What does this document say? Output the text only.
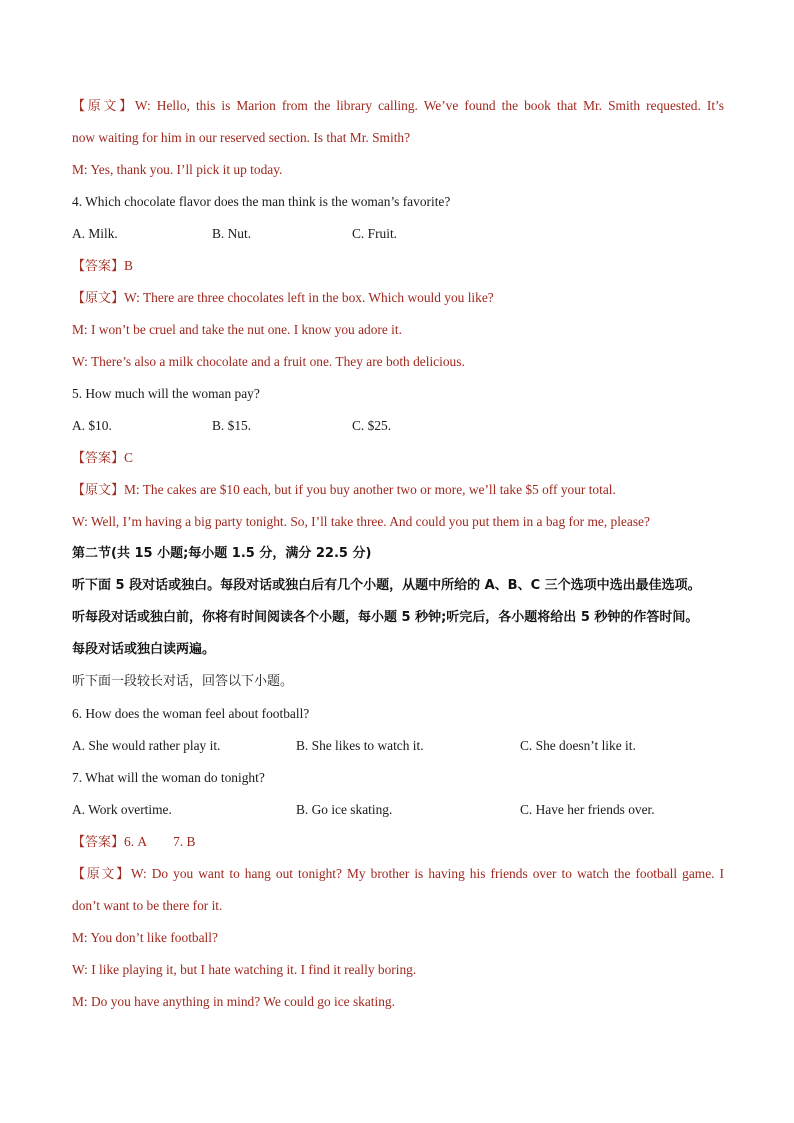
【原文】W: Hello, this is Marion from the library calling. We’ve found the book that Mr. Smith requested. It’s

now waiting for him in our reserved section. Is that Mr. Smith?

M: Yes, thank you. I’ll pick it up today.

4. Which chocolate flavor does the man think is the woman’s favorite?

A. Milk.	B. Nut.	C. Fruit.

【答案】B

【原文】W: There are three chocolates left in the box. Which would you like?

M: I won’t be cruel and take the nut one. I know you adore it.

W: There’s also a milk chocolate and a fruit one. They are both delicious.

5. How much will the woman pay?

A. $10.	B. $15.	C. $25.

【答案】C

【原文】M: The cakes are $10 each, but if you buy another two or more, we’ll take $5 off your total.

W: Well, I’m having a big party tonight. So, I’ll take three. And could you put them in a bag for me, please?

第二节(共 15 小题;每小题 1.5 分，满分 22.5 分)

听下面 5 段对话或独白。每段对话或独白后有几个小题，从题中所给的 A、B、C 三个选项中选出最佳选项。

听每段对话或独白前，你将有时间阅读各个小题，每小题 5 秒钟;听完后，各小题将给出 5 秒钟的作答时间。

每段对话或独白读两遍。

听下面一段较长对话，回答以下小题。

6. How does the woman feel about football?

A. She would rather play it.	B. She likes to watch it.	C. She doesn’t like it.

7. What will the woman do tonight?

A. Work overtime.	B. Go ice skating.	C. Have her friends over.

【答案】6. A        7. B

【原文】W: Do you want to hang out tonight? My brother is having his friends over to watch the football game. I

don’t want to be there for it.

M: You don’t like football?

W: I like playing it, but I hate watching it. I find it really boring.

M: Do you have anything in mind? We could go ice skating.
